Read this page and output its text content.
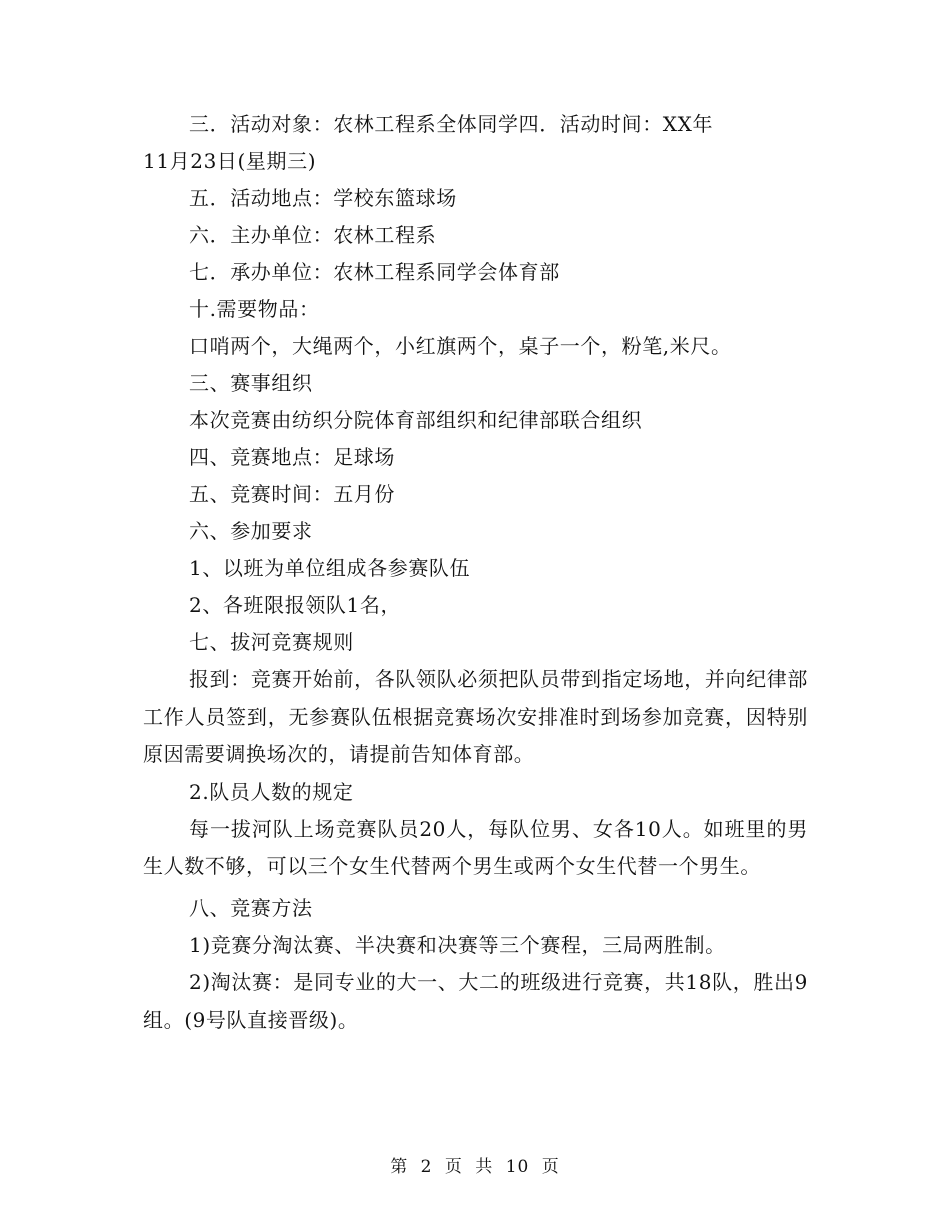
三．活动对象：农林工程系全体同学四．活动时间：XX年

11月23日(星期三)

五．活动地点：学校东篮球场

六．主办单位：农林工程系

七．承办单位：农林工程系同学会体育部

十.需要物品：

口哨两个，大绳两个，小红旗两个，桌子一个，粉笔,米尺。

三、赛事组织

本次竞赛由纺织分院体育部组织和纪律部联合组织

四、竞赛地点：足球场

五、竞赛时间：五月份

六、参加要求

1、以班为单位组成各参赛队伍

2、各班限报领队1名，

七、拔河竞赛规则

报到：竞赛开始前，各队领队必须把队员带到指定场地，并向纪律部工作人员签到，无参赛队伍根据竞赛场次安排准时到场参加竞赛，因特别原因需要调换场次的，请提前告知体育部。

2.队员人数的规定

每一拔河队上场竞赛队员20人，每队位男、女各10人。如班里的男生人数不够，可以三个女生代替两个男生或两个女生代替一个男生。

八、竞赛方法

1)竞赛分淘汰赛、半决赛和决赛等三个赛程，三局两胜制。

2)淘汰赛：是同专业的大一、大二的班级进行竞赛，共18队，胜出9组。(9号队直接晋级)。

第 2 页 共 10 页
